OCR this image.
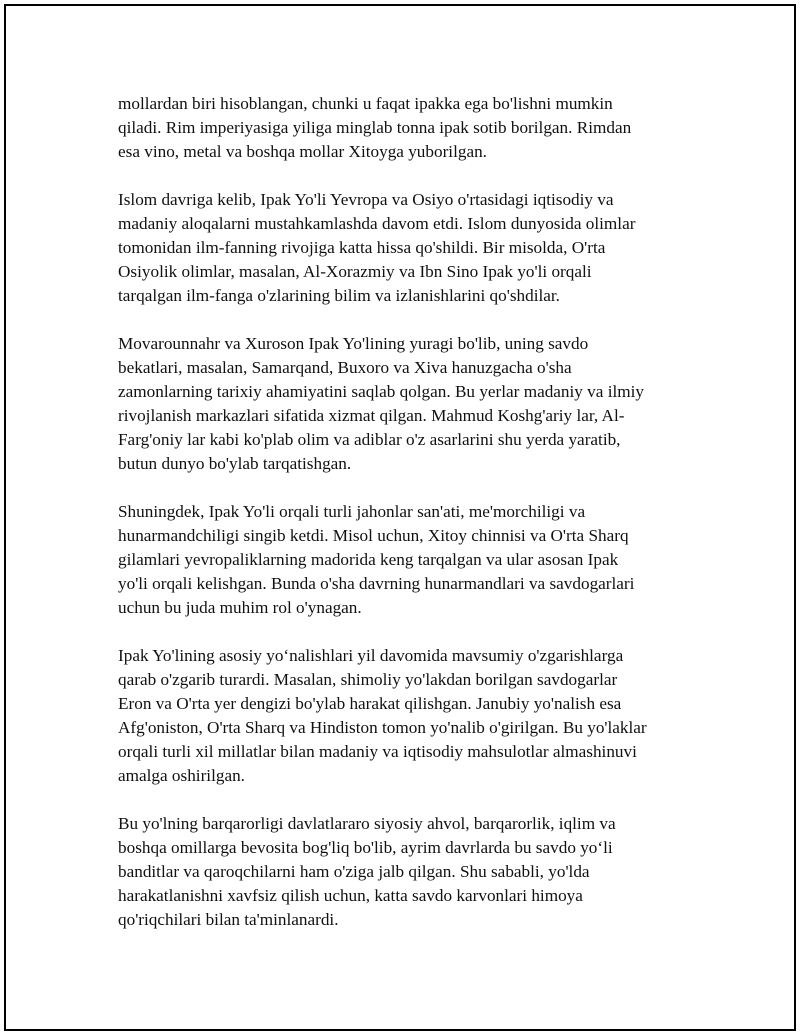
mollardan biri hisoblangan, chunki u faqat ipakka ega bo'lishni mumkin
qiladi. Rim imperiyasiga yiliga minglab tonna ipak sotib borilgan. Rimdan
esa vino, metal va boshqa mollar Xitoyga yuborilgan.

Islom davriga kelib, Ipak Yo'li Yevropa va Osiyo o'rtasidagi iqtisodiy va
madaniy aloqalarni mustahkamlashda davom etdi. Islom dunyosida olimlar
tomonidan ilm-fanning rivojiga katta hissa qo'shildi. Bir misolda, O'rta
Osiyolik olimlar, masalan, Al-Xorazmiy va Ibn Sino Ipak yo'li orqali
tarqalgan ilm-fanga o'zlarining bilim va izlanishlarini qo'shdilar.

Movarounnahr va Xuroson Ipak Yo'lining yuragi bo'lib, uning savdo
bekatlari, masalan, Samarqand, Buxoro va Xiva hanuzgacha o'sha
zamonlarning tarixiy ahamiyatini saqlab qolgan. Bu yerlar madaniy va ilmiy
rivojlanish markazlari sifatida xizmat qilgan. Mahmud Koshg'ariy lar, Al-
Farg'oniy lar kabi ko'plab olim va adiblar o'z asarlarini shu yerda yaratib,
butun dunyo bo'ylab tarqatishgan.

Shuningdek, Ipak Yo'li orqali turli jahonlar san'ati, me'morchiligi va
hunarmandchiligi singib ketdi. Misol uchun, Xitoy chinnisi va O'rta Sharq
gilamlari yevropaliklarning madorida keng tarqalgan va ular asosan Ipak
yo'li orqali kelishgan. Bunda o'sha davrning hunarmandlari va savdogarlari
uchun bu juda muhim rol o'ynagan.

Ipak Yo'lining asosiy yo‘nalishlari yil davomida mavsumiy o'zgarishlarga
qarab o'zgarib turardi. Masalan, shimoliy yo'lakdan borilgan savdogarlar
Eron va O'rta yer dengizi bo'ylab harakat qilishgan. Janubiy yo'nalish esa
Afg'oniston, O'rta Sharq va Hindiston tomon yo'nalib o'girilgan. Bu yo'laklar
orqali turli xil millatlar bilan madaniy va iqtisodiy mahsulotlar almashinuvi
amalga oshirilgan.

Bu yo'lning barqarorligi davlatlararo siyosiy ahvol, barqarorlik, iqlim va
boshqa omillarga bevosita bog'liq bo'lib, ayrim davrlarda bu savdo yo‘li
banditlar va qaroqchilarni ham o'ziga jalb qilgan. Shu sababli, yo'lda
harakatlanishni xavfsiz qilish uchun, katta savdo karvonlari himoya
qo'riqchilari bilan ta'minlanardi.
